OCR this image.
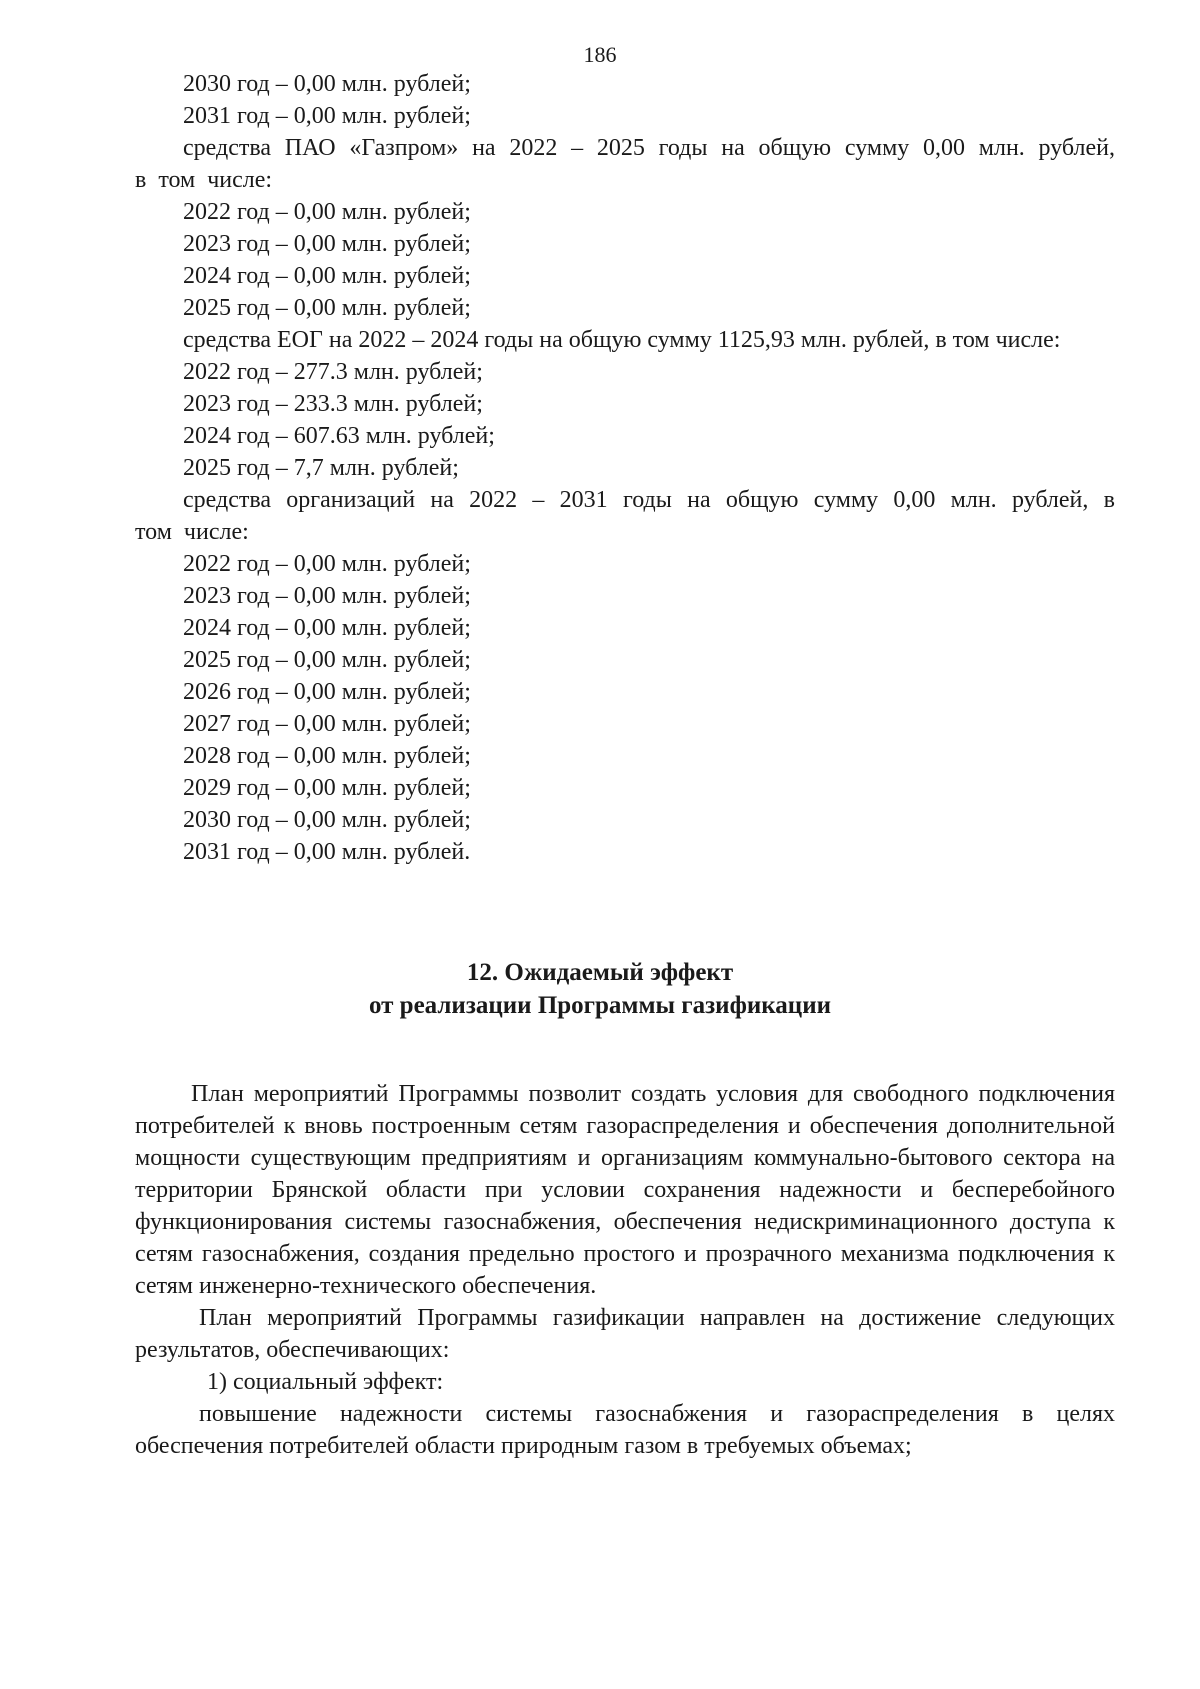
186
2030 год – 0,00 млн. рублей;
2031 год – 0,00 млн. рублей;
средства ПАО «Газпром» на 2022 – 2025 годы на общую сумму 0,00 млн. рублей, в том числе:
2022 год – 0,00 млн. рублей;
2023 год – 0,00 млн. рублей;
2024 год – 0,00 млн. рублей;
2025 год – 0,00 млн. рублей;
средства ЕОГ на 2022 – 2024 годы на общую сумму 1125,93 млн. рублей, в том числе:
2022 год – 277.3 млн. рублей;
2023 год – 233.3 млн. рублей;
2024 год – 607.63 млн. рублей;
2025 год – 7,7 млн. рублей;
средства организаций на 2022 – 2031 годы на общую сумму 0,00 млн. рублей, в том числе:
2022 год – 0,00 млн. рублей;
2023 год – 0,00 млн. рублей;
2024 год – 0,00 млн. рублей;
2025 год – 0,00 млн. рублей;
2026 год – 0,00 млн. рублей;
2027 год – 0,00 млн. рублей;
2028 год – 0,00 млн. рублей;
2029 год – 0,00 млн. рублей;
2030 год – 0,00 млн. рублей;
2031 год – 0,00 млн. рублей.
12. Ожидаемый эффект
от реализации Программы газификации
План мероприятий Программы позволит создать условия для свободного подключения потребителей к вновь построенным сетям газораспределения и обеспечения дополнительной мощности существующим предприятиям и организациям коммунально-бытового сектора на территории Брянской области при условии сохранения надежности и бесперебойного функционирования системы газоснабжения, обеспечения недискриминационного доступа к сетям газоснабжения, создания предельно простого и прозрачного механизма подключения к сетям инженерно-технического обеспечения.
План мероприятий Программы газификации направлен на достижение следующих результатов, обеспечивающих:
1) социальный эффект:
повышение надежности системы газоснабжения и газораспределения в целях обеспечения потребителей области природным газом в требуемых объемах;
